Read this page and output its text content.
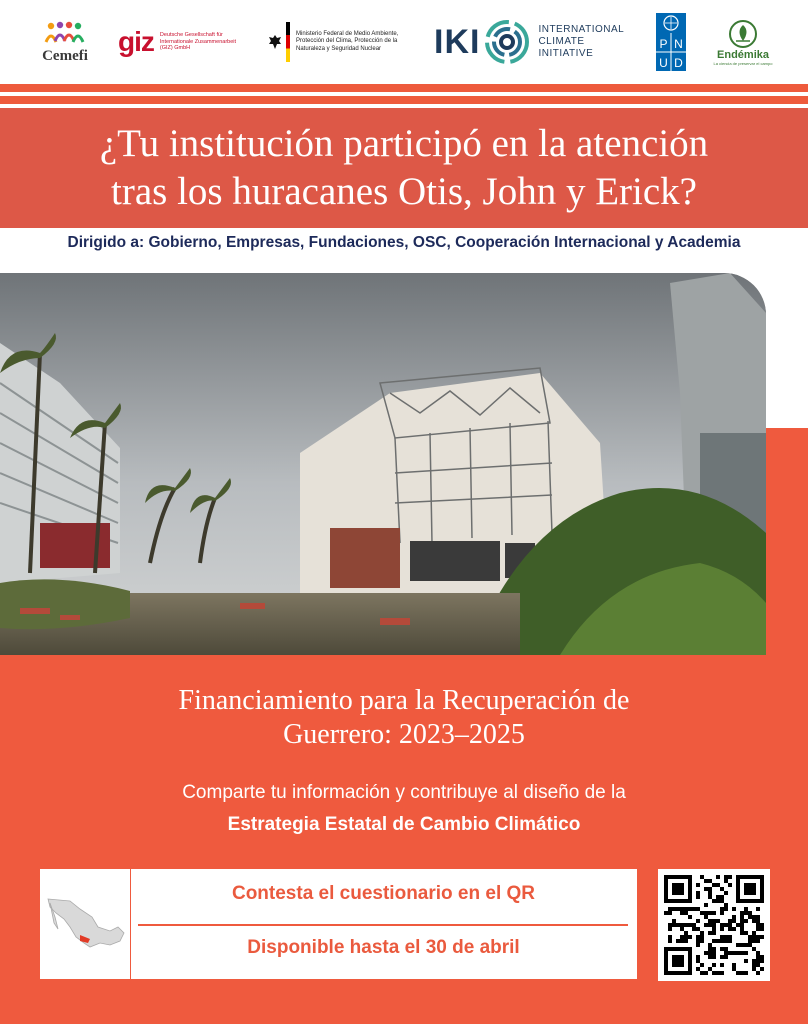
Cemefi giz Deutsche Gesellschaft für Internationale Zusammenarbeit (GIZ) GmbH
Ministerio Federal de Medio Ambiente, Protección del Clima, Protección de la Naturaleza y Seguridad Nuclear	IKI	INTERNATIONAL
CLIMATE
INITIATIVE
P N
U D
Endémika
La ciencia de preservar el campo
¿Tu institución participó en la atención
tras los huracanes Otis, John y Erick?
Dirigido a: Gobierno, Empresas, Fundaciones, OSC, Cooperación Internacional y Academia
Financiamiento para la Recuperación de
Guerrero: 2023–2025
Comparte tu información y contribuye al diseño de la
Estrategia Estatal de Cambio Climático
Contesta el cuestionario en el QR
Disponible hasta el 30 de abril
